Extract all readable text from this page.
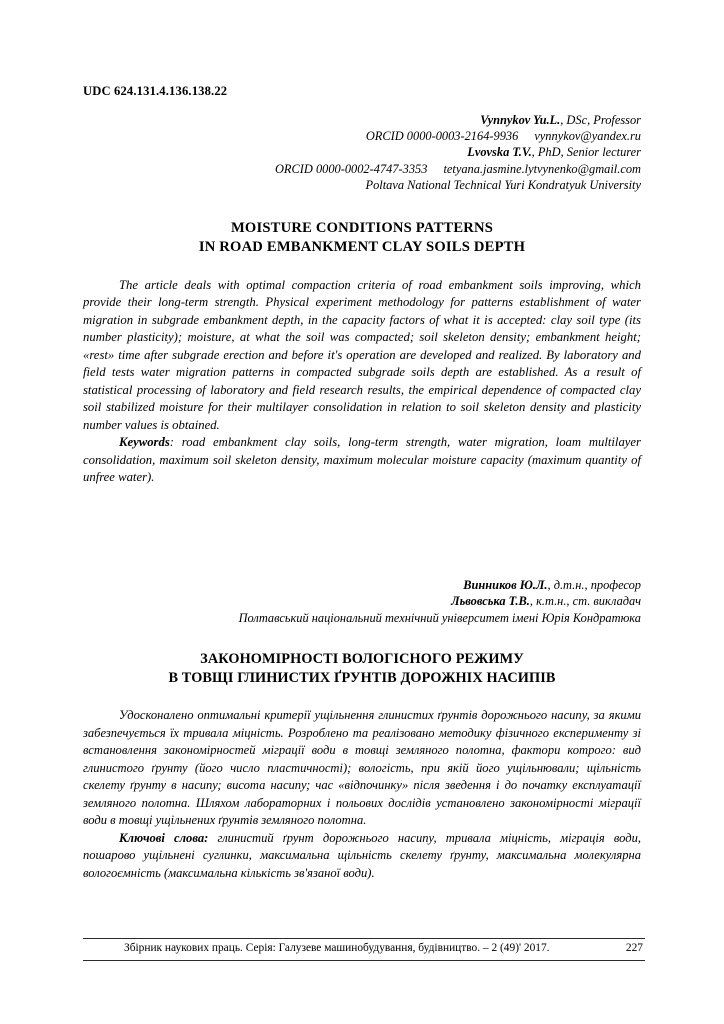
UDC 624.131.4.136.138.22
Vynnykov Yu.L., DSc, Professor
ORCID 0000-0003-2164-9936 vynnykov@yandex.ru
Lvovska T.V., PhD, Senior lecturer
ORCID 0000-0002-4747-3353 tetyana.jasmine.lytvynenko@gmail.com
Poltava National Technical Yuri Kondratyuk University
MOISTURE CONDITIONS PATTERNS
IN ROAD EMBANKMENT CLAY SOILS DEPTH

The article deals with optimal compaction criteria of road embankment soils improving, which provide their long-term strength. Physical experiment methodology for patterns establishment of water migration in subgrade embankment depth, in the capacity factors of what it is accepted: clay soil type (its number plasticity); moisture, at what the soil was compacted; soil skeleton density; embankment height; «rest» time after subgrade erection and before it's operation are developed and realized. By laboratory and field tests water migration patterns in compacted subgrade soils depth are established. As a result of statistical processing of laboratory and field research results, the empirical dependence of compacted clay soil stabilized moisture for their multilayer consolidation in relation to soil skeleton density and plasticity number values is obtained.

Keywords: road embankment clay soils, long-term strength, water migration, loam multilayer consolidation, maximum soil skeleton density, maximum molecular moisture capacity (maximum quantity of unfree water).

Винников Ю.Л., д.т.н., професор
Львовська Т.В., к.т.н., ст. викладач
Полтавський національний технічний університет імені Юрія Кондратюка
ЗАКОНОМІРНОСТІ ВОЛОГІСНОГО РЕЖИМУ
В ТОВЩІ ГЛИНИСТИХ ҐРУНТІВ ДОРОЖНІХ НАСИПІВ

Удосконалено оптимальні критерії ущільнення глинистих ґрунтів дорожнього насипу, за якими забезпечується їх тривала міцність. Розроблено та реалізовано методику фізичного експерименту зі встановлення закономірностей міграції води в товщі земляного полотна, фактори котрого: вид глинистого ґрунту (його число пластичності); вологість, при якій його ущільнювали; щільність скелету ґрунту в насипу; висота насипу; час «відпочинку» після зведення і до початку експлуатації земляного полотна. Шляхом лабораторних і польових дослідів установлено закономірності міграції води в товщі ущільнених ґрунтів земляного полотна.

Ключові слова: глинистий ґрунт дорожнього насипу, тривала міцність, міграція води, пошарово ущільнені суглинки, максимальна щільність скелету ґрунту, максимальна молекулярна вологоємність (максимальна кількість зв'язаної води).

Збірник наукових праць. Серія: Галузеве машинобудування, будівництво. – 2 (49)' 2017.	227
